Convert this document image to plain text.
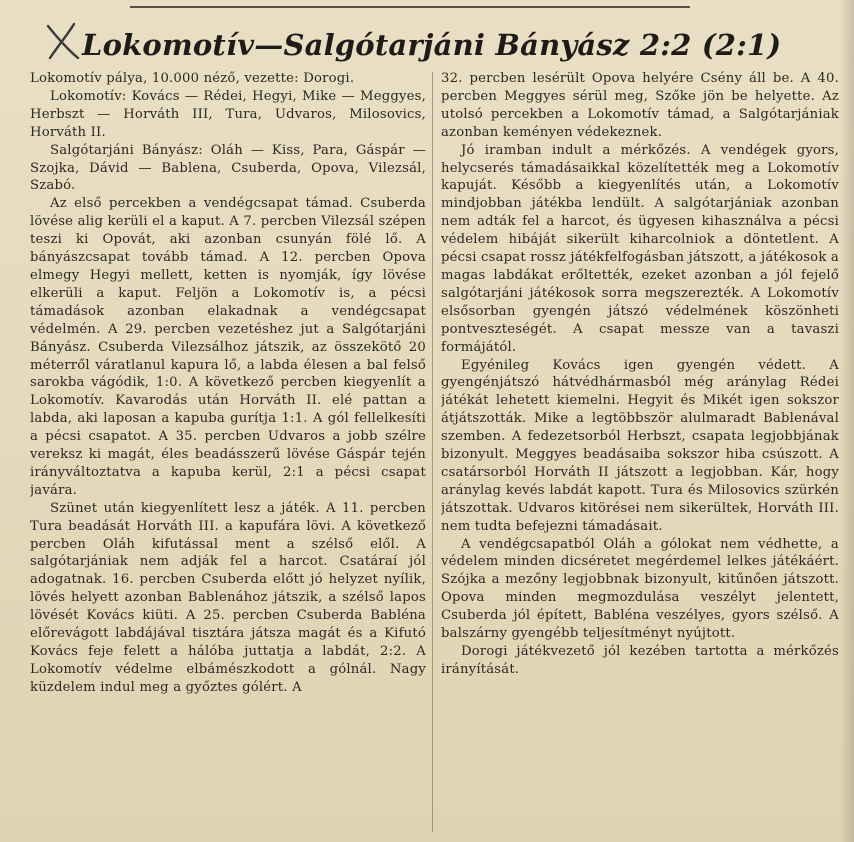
Lokomotív—Salgótarjáni Bányász 2:2 (2:1)

Lokomotív pálya, 10.000 néző, vezette: Dorogi.

Lokomotív: Kovács — Rédei, Hegyi, Mike — Meggyes, Herbszt — Horváth III, Tura, Udvaros, Milosovics, Horváth II.

Salgótarjáni Bányász: Oláh — Kiss, Para, Gáspár — Szojka, Dávid — Bablena, Csuberda, Opova, Vilezsál, Szabó.

Az első percekben a vendégcsapat támad. Csuberda lövése alig kerüli el a kaput. A 7. percben Vilezsál szépen teszi ki Opovát, aki azonban csunyán fölé lő. A bányászcsapat tovább támad. A 12. percben Opova elmegy Hegyi mellett, ketten is nyomják, így lövése elkerüli a kaput. Feljön a Lokomotív is, a pécsi támadások azonban elakadnak a vendégcsapat védelmén. A 29. percben vezetéshez jut a Salgótarjáni Bányász. Csuberda Vilezsálhoz játszik, az összekötő 20 méterről váratlanul kapura lő, a labda élesen a bal felső sarokba vágódik, 1:0. A következő percben kiegyenlít a Lokomotív. Kavarodás után Horváth II. elé pattan a labda, aki laposan a kapuba gurítja 1:1. A gól fellelkesíti a pécsi csapatot. A 35. percben Udvaros a jobb szélre vereksz ki magát, éles beadásszerű lövése Gáspár tején irányváltoztatva a kapuba kerül, 2:1 a pécsi csapat javára.

Szünet után kiegyenlített lesz a játék. A 11. percben Tura beadását Horváth III. a kapufára lövi. A következő percben Oláh kifutással ment a szélső elől. A salgótarjániak nem adják fel a harcot. Csatáraí jól adogatnak. 16. percben Csuberda előtt jó helyzet nyílik, lövés helyett azonban Bablenához játszik, a szélső lapos lövését Kovács kiüti. A 25. percben Csuberda Babléna előrevágott labdájával tisztára játsza magát és a Kifutó Kovács feje felett a hálóba juttatja a labdát, 2:2. A Lokomotív védelme elbámészkodott a gólnál. Nagy küzdelem indul meg a győztes gólért. A

32. percben lesérült Opova helyére Csény áll be. A 40. percben Meggyes sérül meg, Szőke jön be helyette. Az utolsó percekben a Lokomotív támad, a Salgótarjániak azonban keményen védekeznek.

Jó iramban indult a mérkőzés. A vendégek gyors, helycserés támadásaikkal közelítették meg a Lokomotív kapuját. Később a kiegyenlítés után, a Lokomotív mindjobban játékba lendült. A salgótarjániak azonban nem adták fel a harcot, és ügyesen kihasználva a pécsi védelem hibáját sikerült kiharcolniok a döntetlent. A pécsi csapat rossz játékfelfogásban játszott, a játékosok a magas labdákat erőltették, ezeket azonban a jól fejelő salgótarjáni játékosok sorra megszerezték. A Lokomotív elsősorban gyengén játszó védelmének köszönheti pontveszteségét. A csapat messze van a tavaszi formájától.

Egyénileg Kovács igen gyengén védett. A gyengénjátszó hátvédhármasból még aránylag Rédei játékát lehetett kiemelni. Hegyit és Mikét igen sokszor átjátszották. Mike a legtöbbször alulmaradt Bablenával szemben. A fedezetsorból Herbszt, csapata legjobbjának bizonyult. Meggyes beadásaiba sokszor hiba csúszott. A csatársorból Horváth II játszott a legjobban. Kár, hogy aránylag kevés labdát kapott. Tura és Milosovics szürkén játszottak. Udvaros kitörései nem sikerültek, Horváth III. nem tudta befejezni támadásait.

A vendégcsapatból Oláh a gólokat nem védhette, a védelem minden dicséretet megérdemel lelkes játékáért. Szójka a mezőny legjobbnak bizonyult, kitűnően játszott. Opova minden megmozdulása veszélyt jelentett, Csuberda jól épített, Babléna veszélyes, gyors szélső. A balszárny gyengébb teljesítményt nyújtott.

Dorogi játékvezető jól kezében tartotta a mérkőzés irányítását.
